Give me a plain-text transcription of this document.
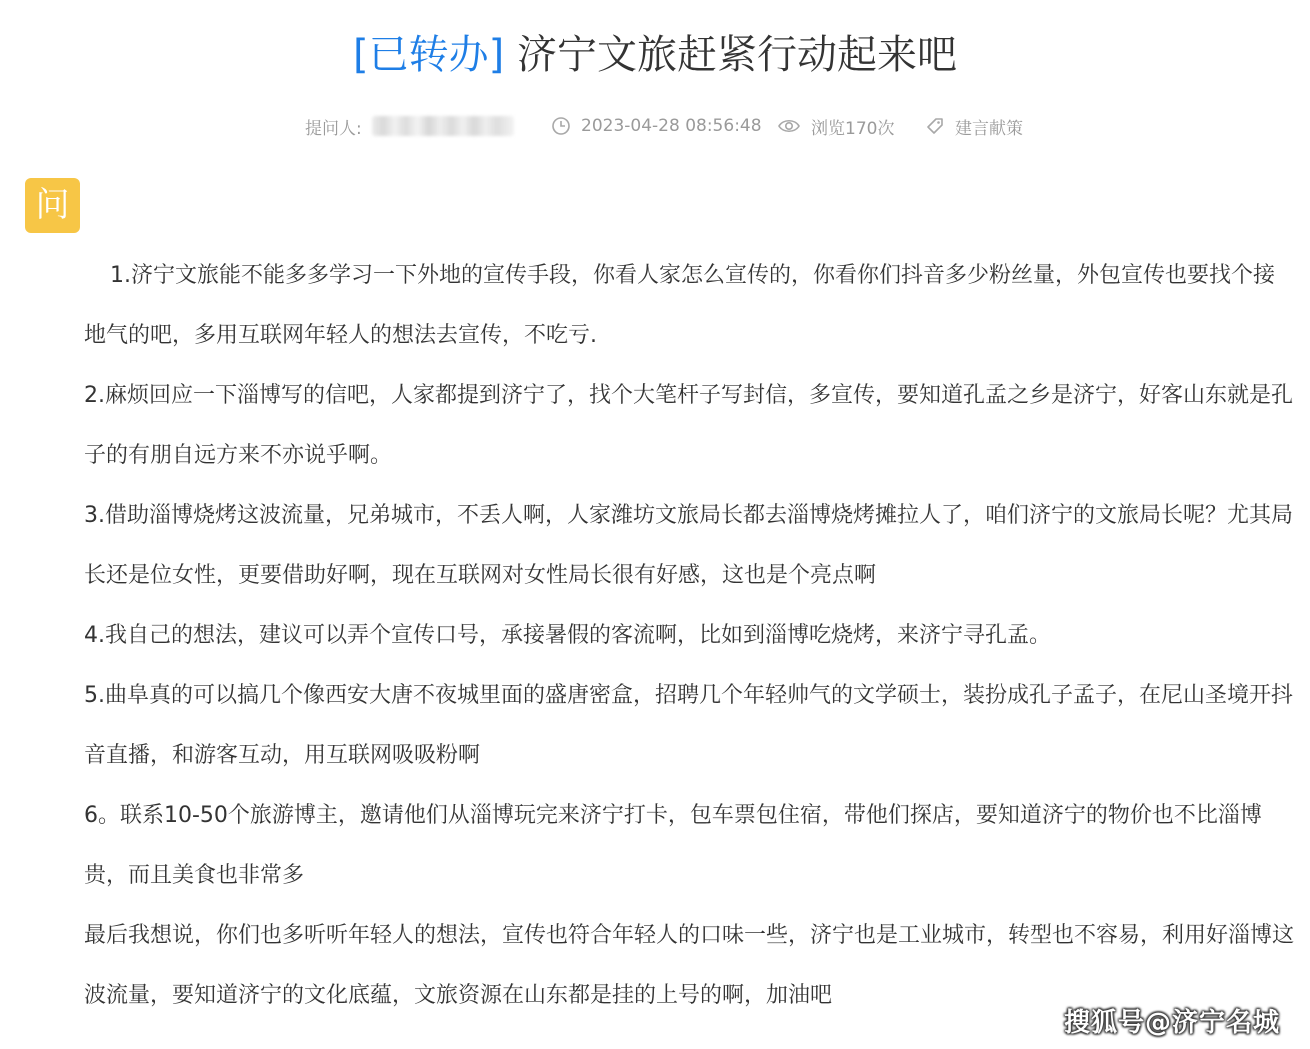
[已转办] 济宁文旅赶紧行动起来吧
提问人:	2023-04-28 08:56:48	浏览170次	建言献策
问

1.济宁文旅能不能多多学习一下外地的宣传手段，你看人家怎么宣传的，你看你们抖音多少粉丝量，外包宣传也要找个接地气的吧，多用互联网年轻人的想法去宣传，不吃亏.

2.麻烦回应一下淄博写的信吧，人家都提到济宁了，找个大笔杆子写封信，多宣传，要知道孔孟之乡是济宁，好客山东就是孔子的有朋自远方来不亦说乎啊。

3.借助淄博烧烤这波流量，兄弟城市，不丢人啊，人家潍坊文旅局长都去淄博烧烤摊拉人了，咱们济宁的文旅局长呢？尤其局长还是位女性，更要借助好啊，现在互联网对女性局长很有好感，这也是个亮点啊

4.我自己的想法，建议可以弄个宣传口号，承接暑假的客流啊，比如到淄博吃烧烤，来济宁寻孔孟。

5.曲阜真的可以搞几个像西安大唐不夜城里面的盛唐密盒，招聘几个年轻帅气的文学硕士，装扮成孔子孟子，在尼山圣境开抖音直播，和游客互动，用互联网吸吸粉啊

6。联系10-50个旅游博主，邀请他们从淄博玩完来济宁打卡，包车票包住宿，带他们探店，要知道济宁的物价也不比淄博贵，而且美食也非常多

最后我想说，你们也多听听年轻人的想法，宣传也符合年轻人的口味一些，济宁也是工业城市，转型也不容易，利用好淄博这波流量，要知道济宁的文化底蕴，文旅资源在山东都是挂的上号的啊，加油吧

搜狐号@济宁名城
